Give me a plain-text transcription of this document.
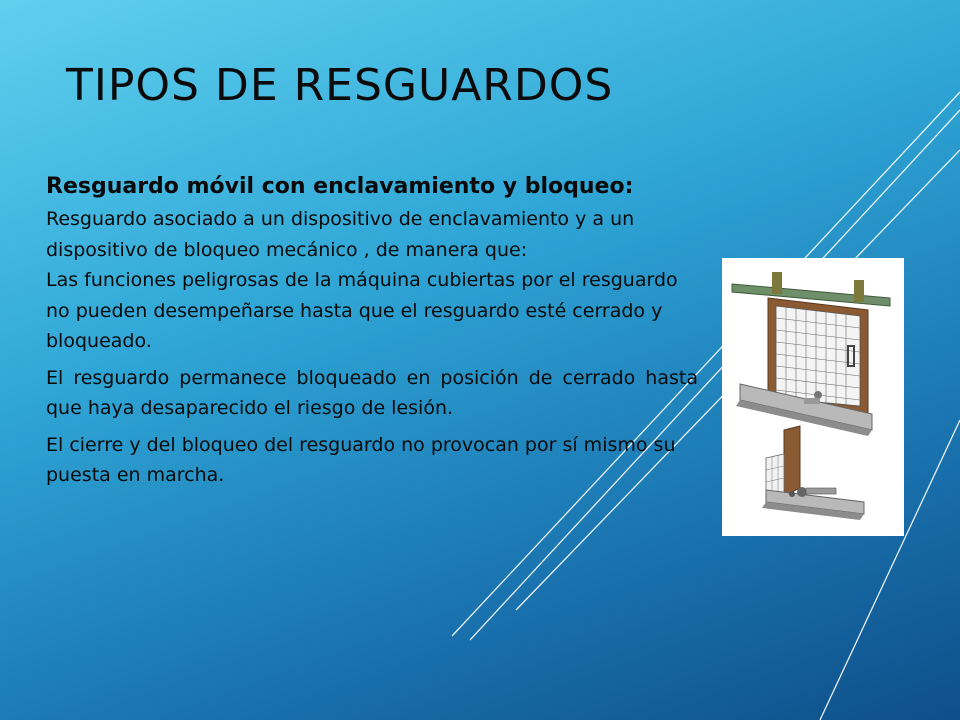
TIPOS DE RESGUARDOS

Resguardo móvil con enclavamiento y bloqueo:

Resguardo asociado a un dispositivo de enclavamiento y a un dispositivo de bloqueo mecánico , de manera que:

Las funciones peligrosas de la máquina cubiertas por el resguardo no pueden desempeñarse hasta que el resguardo esté cerrado y bloqueado.

El resguardo permanece bloqueado en posición de cerrado hasta que haya desaparecido el riesgo de lesión.

El cierre y del bloqueo del resguardo no provocan por sí mismo su puesta en marcha.
